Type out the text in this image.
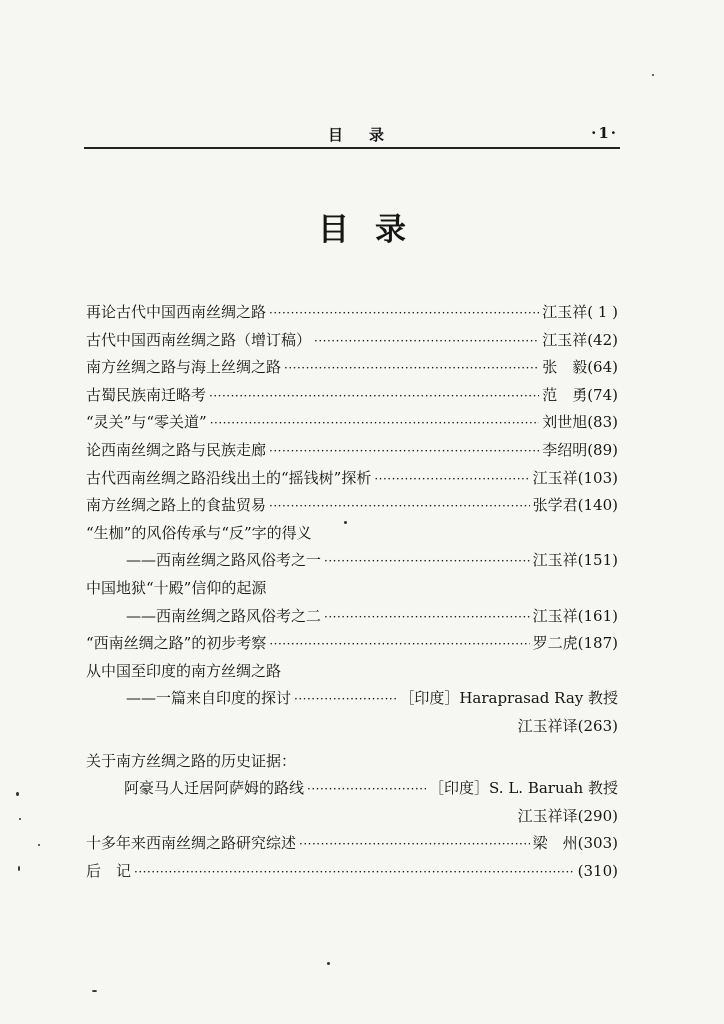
目录	·1·
目录
再论古代中国西南丝绸之路 ·····	江玉祥 ( 1 )
古代中国西南丝绸之路（增订稿） ·····	江玉祥 (42)
南方丝绸之路与海上丝绸之路 ·····	张　毅 (64)
古蜀民族南迁略考 ·····	范　勇 (74)
“灵关”与“零关道” ·····	刘世旭 (83)
论西南丝绸之路与民族走廊 ·····	李绍明 (89)
古代西南丝绸之路沿线出土的“摇钱树”探析 ·····	江玉祥 (103)
南方丝绸之路上的食盐贸易 ·····	张学君 (140)
“生枷”的风俗传承与“反”字的得义
——西南丝绸之路风俗考之一 ·····	江玉祥 (151)
中国地狱“十殿”信仰的起源
——西南丝绸之路风俗考之二 ·····	江玉祥 (161)
“西南丝绸之路”的初步考察 ·····	罗二虎 (187)
从中国至印度的南方丝绸之路
——一篇来自印度的探讨 ·····	［印度］Haraprasad Ray 教授
江玉祥译 (263)
关于南方丝绸之路的历史证据：
阿豪马人迁居阿萨姆的路线 ·····	［印度］S. L. Baruah 教授
江玉祥译 (290)
十多年来西南丝绸之路研究综述 ·····	梁　州 (303)
后　记 ·····	(310)
